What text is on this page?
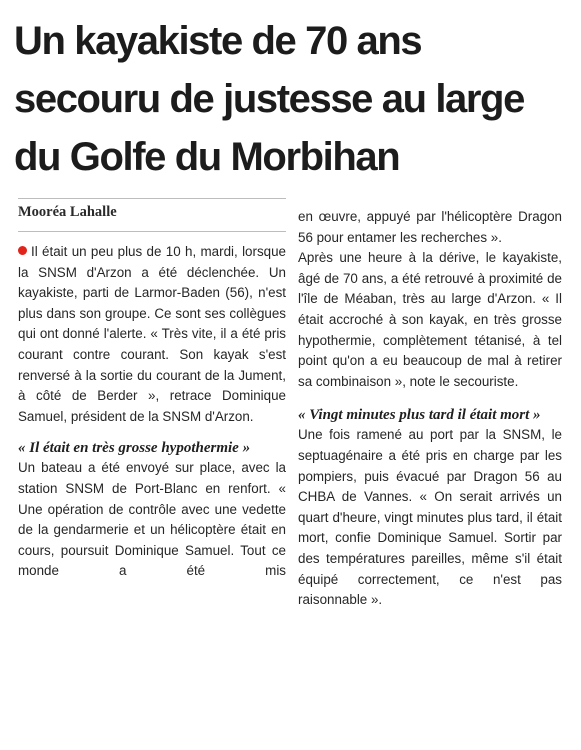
Un kayakiste de 70 ans secouru de justesse au large du Golfe du Morbihan
Mooréa Lahalle

Il était un peu plus de 10 h, mardi, lorsque la SNSM d'Arzon a été déclenchée. Un kayakiste, parti de Larmor-Baden (56), n'est plus dans son groupe. Ce sont ses collègues qui ont donné l'alerte. « Très vite, il a été pris courant contre courant. Son kayak s'est renversé à la sortie du courant de la Jument, à côté de Berder », retrace Dominique Samuel, président de la SNSM d'Arzon.

« Il était en très grosse hypothermie »

Un bateau a été envoyé sur place, avec la station SNSM de Port-Blanc en renfort. « Une opération de contrôle avec une vedette de la gendarmerie et un hélicoptère était en cours, poursuit Dominique Samuel. Tout ce monde a été mis

en œuvre, appuyé par l'hélicoptère Dragon 56 pour entamer les recherches ».

Après une heure à la dérive, le kayakiste, âgé de 70 ans, a été retrouvé à proximité de l'île de Méaban, très au large d'Arzon. « Il était accroché à son kayak, en très grosse hypothermie, complètement tétanisé, à tel point qu'on a eu beaucoup de mal à retirer sa combinaison », note le secouriste.

« Vingt minutes plus tard il était mort »

Une fois ramené au port par la SNSM, le septuagénaire a été pris en charge par les pompiers, puis évacué par Dragon 56 au CHBA de Vannes. « On serait arrivés un quart d'heure, vingt minutes plus tard, il était mort, confie Dominique Samuel. Sortir par des températures pareilles, même s'il était équipé correctement, ce n'est pas raisonnable ».
